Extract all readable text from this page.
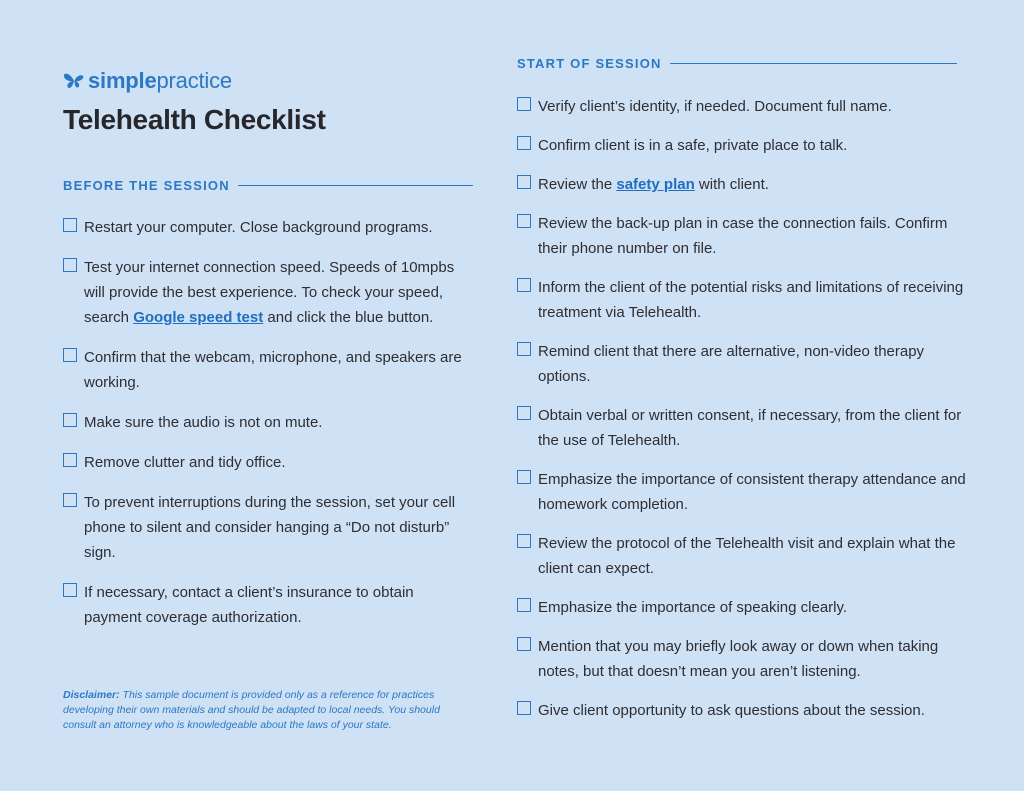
simplepractice
Telehealth Checklist
BEFORE THE SESSION
Restart your computer. Close background programs.
Test your internet connection speed. Speeds of 10mpbs will provide the best experience. To check your speed, search Google speed test and click the blue button.
Confirm that the webcam, microphone, and speakers are working.
Make sure the audio is not on mute.
Remove clutter and tidy office.
To prevent interruptions during the session, set your cell phone to silent and consider hanging a “Do not disturb” sign.
If necessary, contact a client’s insurance to obtain payment coverage authorization.
Disclaimer: This sample document is provided only as a reference for practices developing their own materials and should be adapted to local needs. You should consult an attorney who is knowledgeable about the laws of your state.
START OF SESSION
Verify client’s identity, if needed. Document full name.
Confirm client is in a safe, private place to talk.
Review the safety plan with client.
Review the back-up plan in case the connection fails. Confirm their phone number on file.
Inform the client of the potential risks and limitations of receiving treatment via Telehealth.
Remind client that there are alternative, non-video therapy options.
Obtain verbal or written consent, if necessary, from the client for the use of Telehealth.
Emphasize the importance of consistent therapy attendance and homework completion.
Review the protocol of the Telehealth visit and explain what the client can expect.
Emphasize the importance of speaking clearly.
Mention that you may briefly look away or down when taking notes, but that doesn’t mean you aren’t listening.
Give client opportunity to ask questions about the session.
